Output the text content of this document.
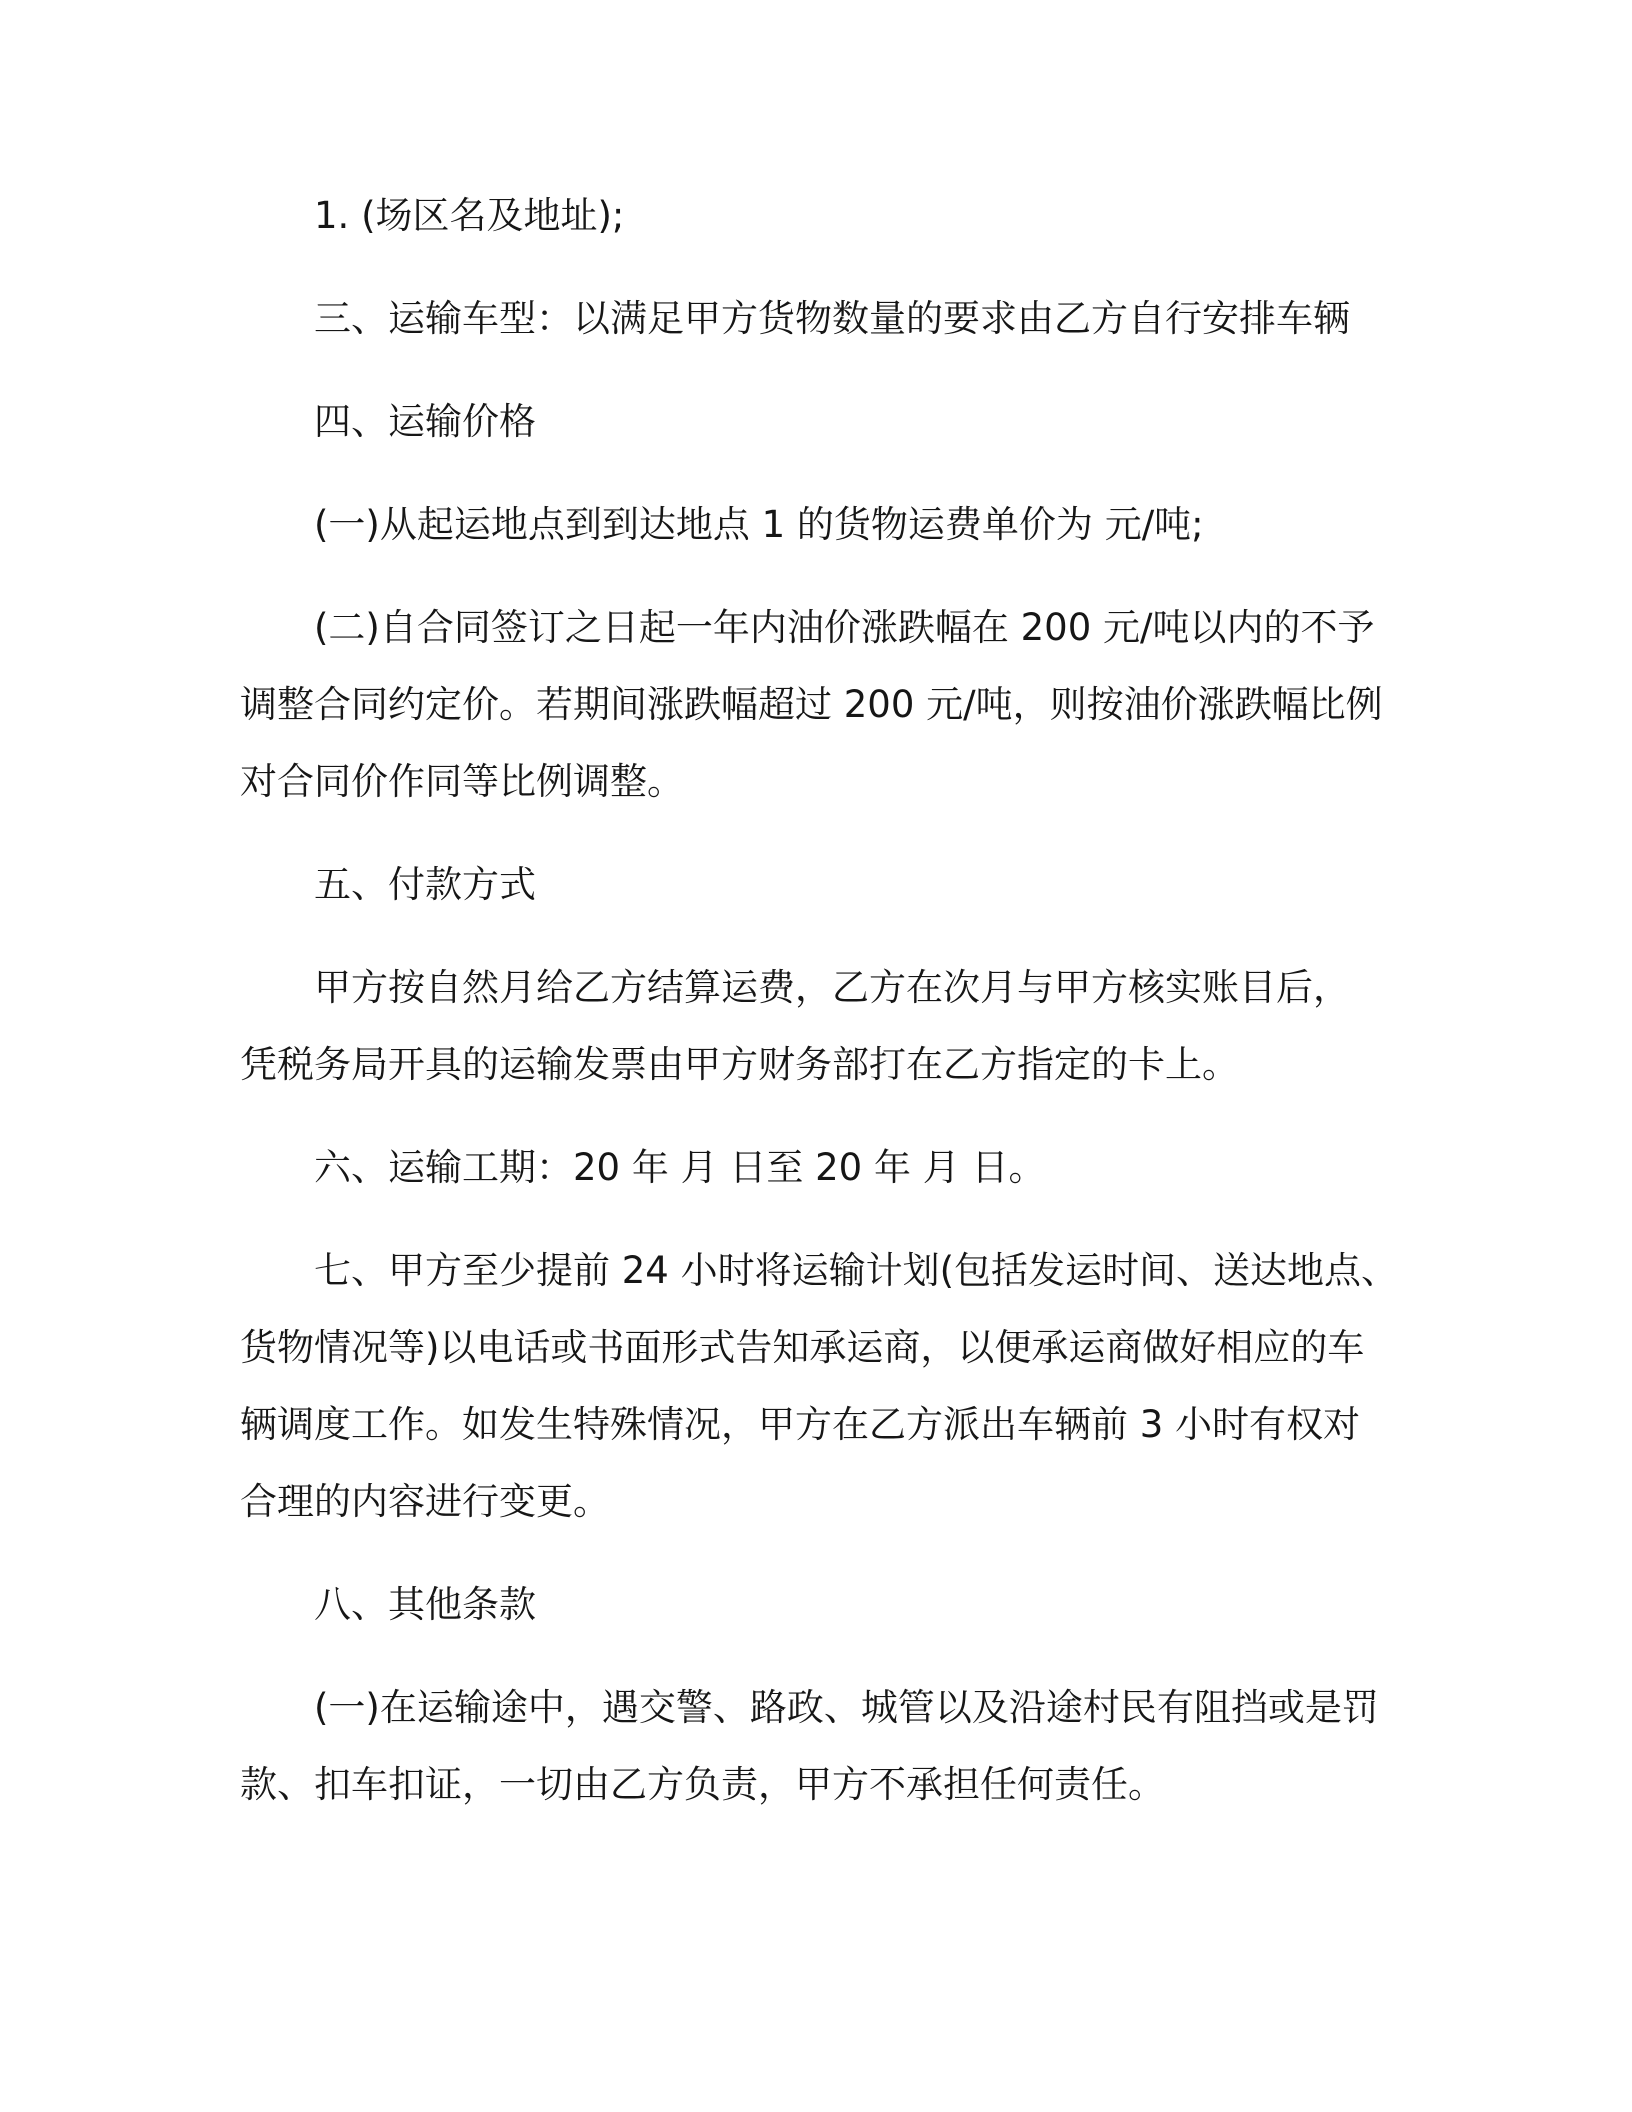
1. (场区名及地址);

三、运输车型：以满足甲方货物数量的要求由乙方自行安排车辆

四、运输价格

(一)从起运地点到到达地点 1 的货物运费单价为 元/吨;

(二)自合同签订之日起一年内油价涨跌幅在 200 元/吨以内的不予
调整合同约定价。若期间涨跌幅超过 200 元/吨，则按油价涨跌幅比例
对合同价作同等比例调整。

五、付款方式

甲方按自然月给乙方结算运费，乙方在次月与甲方核实账目后，
凭税务局开具的运输发票由甲方财务部打在乙方指定的卡上。

六、运输工期：20 年 月 日至 20 年 月 日。

七、甲方至少提前 24 小时将运输计划(包括发运时间、送达地点、
货物情况等)以电话或书面形式告知承运商，以便承运商做好相应的车
辆调度工作。如发生特殊情况，甲方在乙方派出车辆前 3 小时有权对
合理的内容进行变更。

八、其他条款

(一)在运输途中，遇交警、路政、城管以及沿途村民有阻挡或是罚
款、扣车扣证，一切由乙方负责，甲方不承担任何责任。
